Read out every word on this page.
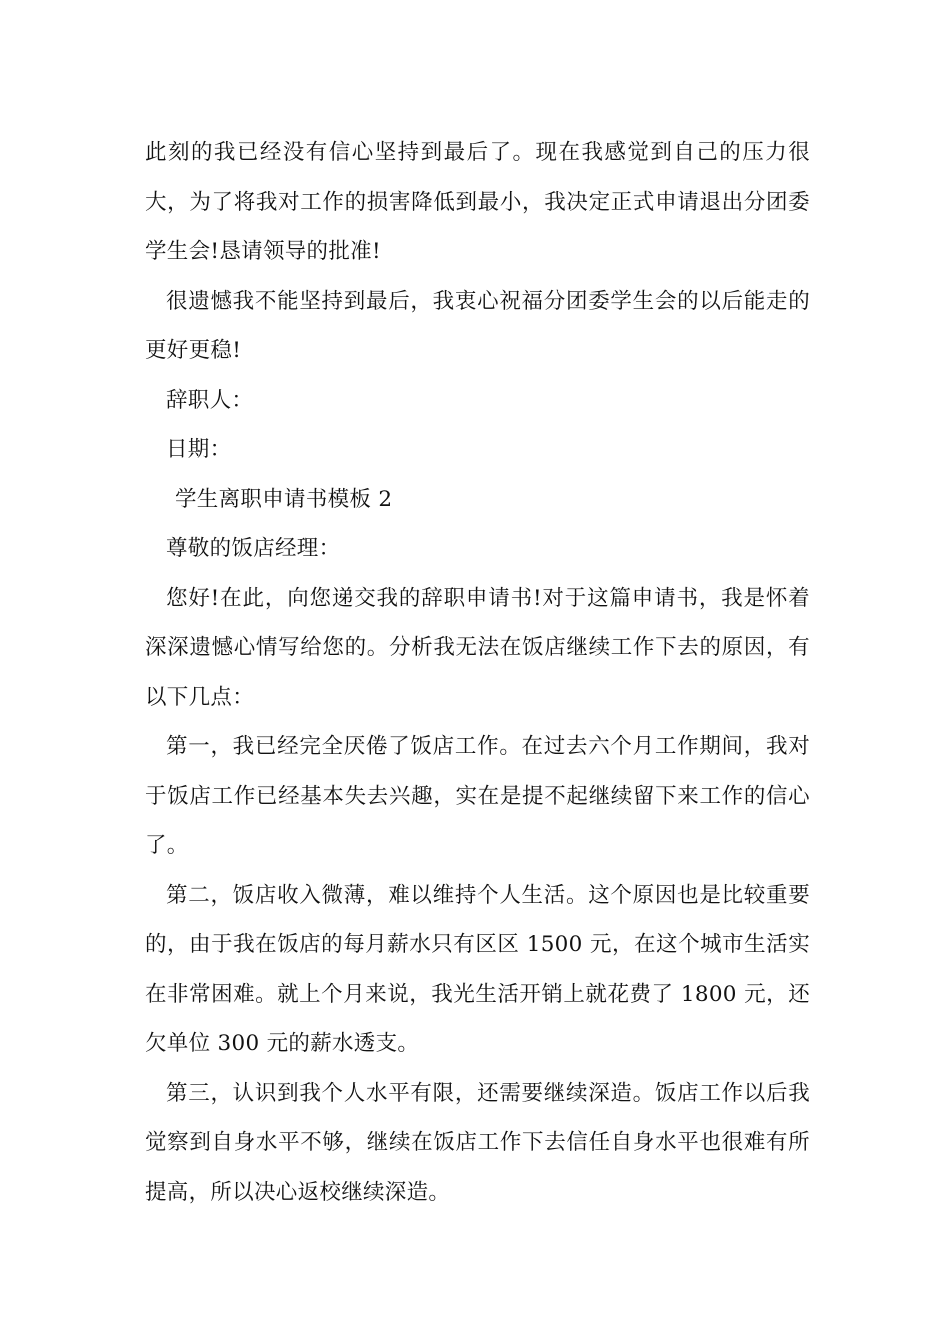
此刻的我已经没有信心坚持到最后了。现在我感觉到自己的压力很大，为了将我对工作的损害降低到最小，我决定正式申请退出分团委学生会!恳请领导的批准!

很遗憾我不能坚持到最后，我衷心祝福分团委学生会的以后能走的更好更稳!

辞职人：

日期：

学生离职申请书模板 2

尊敬的饭店经理：

您好!在此，向您递交我的辞职申请书!对于这篇申请书，我是怀着深深遗憾心情写给您的。分析我无法在饭店继续工作下去的原因，有以下几点：

第一，我已经完全厌倦了饭店工作。在过去六个月工作期间，我对于饭店工作已经基本失去兴趣，实在是提不起继续留下来工作的信心了。

第二，饭店收入微薄，难以维持个人生活。这个原因也是比较重要的，由于我在饭店的每月薪水只有区区 1500 元，在这个城市生活实在非常困难。就上个月来说，我光生活开销上就花费了 1800 元，还欠单位 300 元的薪水透支。

第三，认识到我个人水平有限，还需要继续深造。饭店工作以后我觉察到自身水平不够，继续在饭店工作下去信任自身水平也很难有所提高，所以决心返校继续深造。
